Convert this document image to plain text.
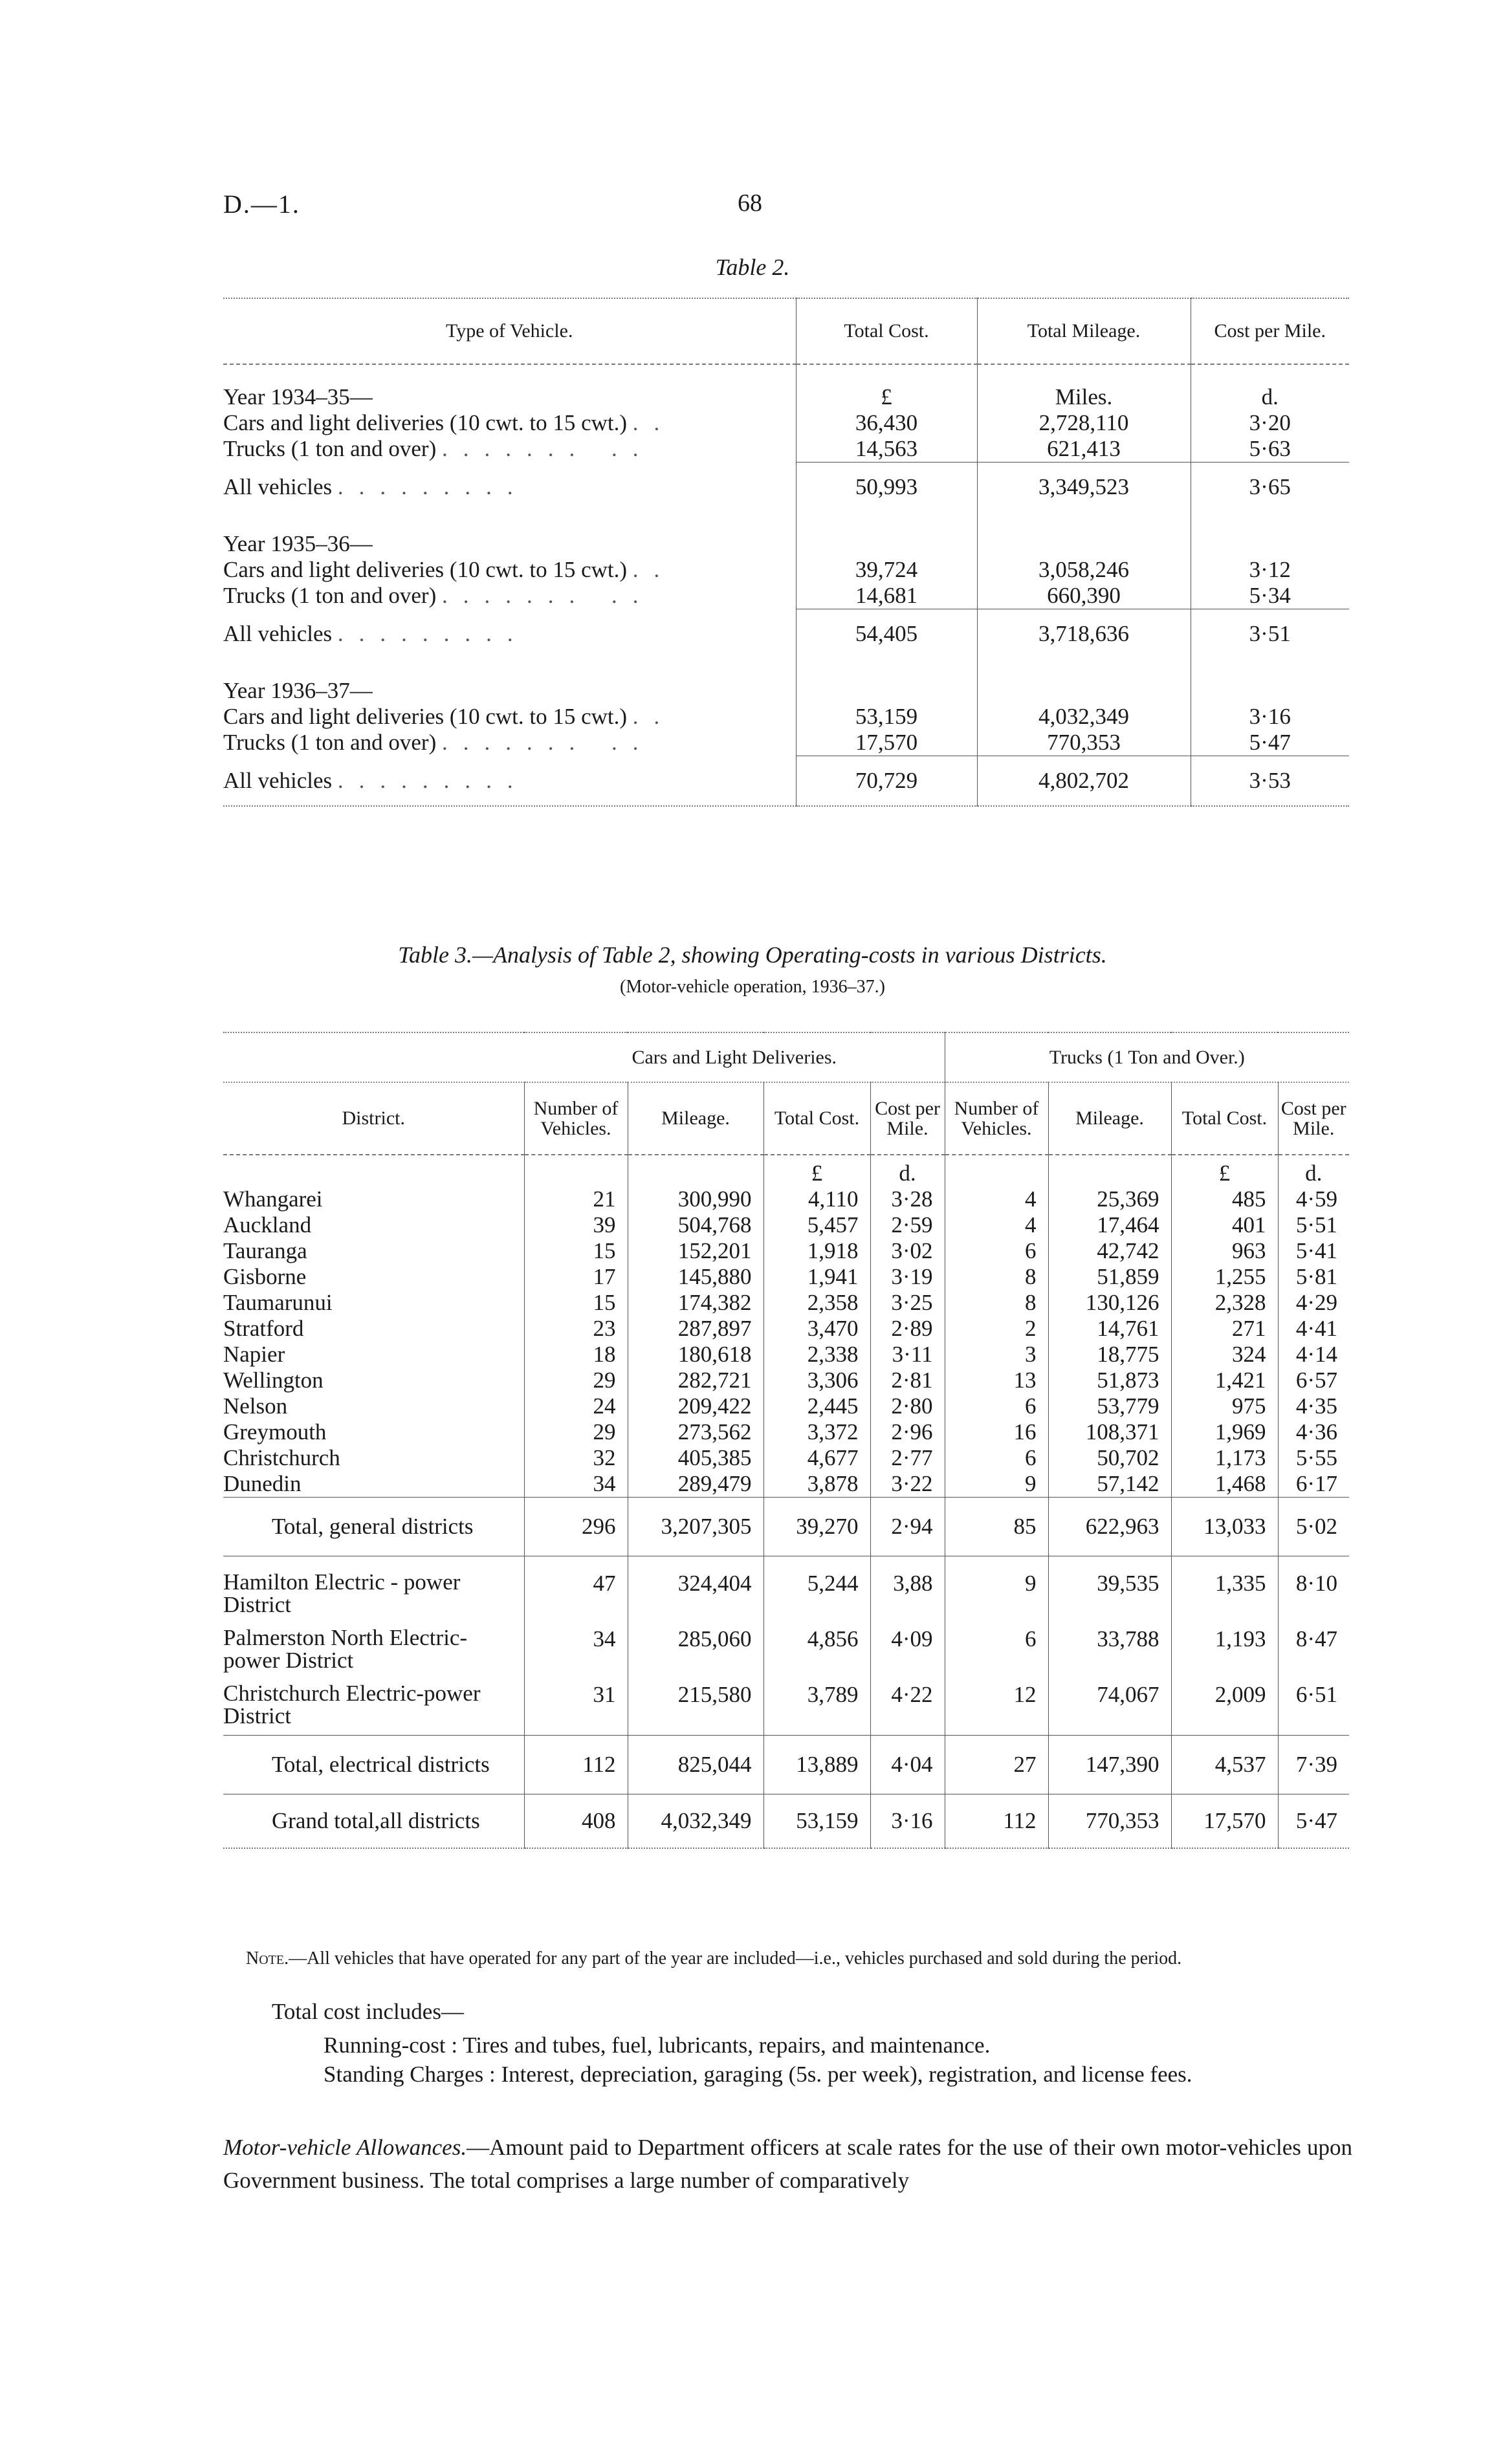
D.—1.	68
Table 2.
Type of Vehicle.	Total Cost.	Total Mileage.	Cost per Mile.

Year 1934–35—	£	Miles.	d.
Cars and light deliveries (10 cwt. to 15 cwt.) ..	36,430	2,728,110	3·20
Trucks (1 ton and over) ....... ..	14,563	621,413	5·63
All vehicles .........	50,993	3,349,523	3·65

Year 1935–36—			
Cars and light deliveries (10 cwt. to 15 cwt.) ..	39,724	3,058,246	3·12
Trucks (1 ton and over) ....... ..	14,681	660,390	5·34
All vehicles .........	54,405	3,718,636	3·51

Year 1936–37—			
Cars and light deliveries (10 cwt. to 15 cwt.) ..	53,159	4,032,349	3·16
Trucks (1 ton and over) ....... ..	17,570	770,353	5·47
All vehicles .........	70,729	4,802,702	3·53
Table 3.—Analysis of Table 2, showing Operating-costs in various Districts.
(Motor-vehicle operation, 1936–37.)
	Cars and Light Deliveries.				Trucks (1 Ton and Over.)			
District.	Number of Vehicles.	Mileage.	Total Cost.	Cost per Mile.	Number of Vehicles.	Mileage.	Total Cost.	Cost per Mile.
			£	d.			£	d.
Whangarei	21	300,990	4,110	3·28	4	25,369	485	4·59
Auckland	39	504,768	5,457	2·59	4	17,464	401	5·51
Tauranga	15	152,201	1,918	3·02	6	42,742	963	5·41
Gisborne	17	145,880	1,941	3·19	8	51,859	1,255	5·81
Taumarunui	15	174,382	2,358	3·25	8	130,126	2,328	4·29
Stratford	23	287,897	3,470	2·89	2	14,761	271	4·41
Napier	18	180,618	2,338	3·11	3	18,775	324	4·14
Wellington	29	282,721	3,306	2·81	13	51,873	1,421	6·57
Nelson	24	209,422	2,445	2·80	6	53,779	975	4·35
Greymouth	29	273,562	3,372	2·96	16	108,371	1,969	4·36
Christchurch	32	405,385	4,677	2·77	6	50,702	1,173	5·55
Dunedin	34	289,479	3,878	3·22	9	57,142	1,468	6·17
Total, general districts	296	3,207,305	39,270	2·94	85	622,963	13,033	5·02

Hamilton Electric - power District	47	324,404	5,244	3,88	9	39,535	1,335	8·10
Palmerston North Electric-power District	34	285,060	4,856	4·09	6	33,788	1,193	8·47
Christchurch Electric-power District	31	215,580	3,789	4·22	12	74,067	2,009	6·51
Total, electrical districts	112	825,044	13,889	4·04	27	147,390	4,537	7·39
Grand total,all districts	408	4,032,349	53,159	3·16	112	770,353	17,570	5·47
Note.—All vehicles that have operated for any part of the year are included—i.e., vehicles purchased and sold during the period.
Total cost includes—
Running-cost : Tires and tubes, fuel, lubricants, repairs, and maintenance.
Standing Charges : Interest, depreciation, garaging (5s. per week), registration, and license fees.
Motor-vehicle Allowances.—Amount paid to Department officers at scale rates for the use of their own motor-vehicles upon Government business. The total comprises a large number of comparatively
